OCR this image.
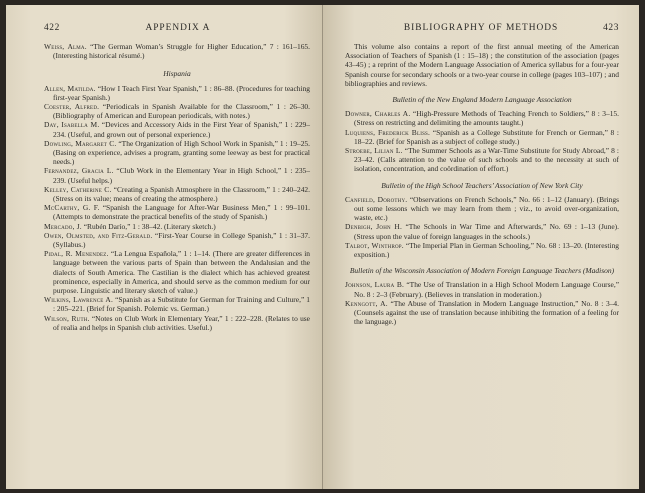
422	APPENDIX A

Weiss, Alma. “The German Woman’s Struggle for Higher Education,” 7 : 161–165. (Interesting historical résumé.)

Hispania

Allen, Matilda. “How I Teach First Year Spanish,” 1 : 86–88. (Procedures for teaching first-year Spanish.)

Coester, Alfred. “Periodicals in Spanish Available for the Classroom,” 1 : 26–30. (Bibliography of American and European periodicals, with notes.)

Day, Isabella M. “Devices and Accessory Aids in the First Year of Spanish,” 1 : 229–234. (Useful, and grown out of personal experience.)

Dowling, Margaret C. “The Organization of High School Work in Spanish,” 1 : 19–25. (Basing on experience, advises a program, granting some leeway as best for practical needs.)

Fernandez, Gracia L. “Club Work in the Elementary Year in High School,” 1 : 235–239. (Useful helps.)

Kelley, Catherine C. “Creating a Spanish Atmosphere in the Classroom,” 1 : 240–242. (Stress on its value; means of creating the atmosphere.)

McCarthy, G. F. “Spanish the Language for After-War Business Men,” 1 : 99–101. (Attempts to demonstrate the practical benefits of the study of Spanish.)

Mercado, J. “Rubén Darío,” 1 : 38–42. (Literary sketch.)

Owen, Olmsted, and Fitz-Gerald. “First-Year Course in College Spanish,” 1 : 31–37. (Syllabus.)

Pidal, R. Menendez. “La Lengua Española,” 1 : 1–14. (There are greater differences in language between the various parts of Spain than between the Andalusian and the dialects of South America. The Castilian is the dialect which has achieved greatest prominence, especially in America, and should serve as the common medium for our purpose. Linguistic and literary sketch of value.)

Wilkins, Lawrence A. “Spanish as a Substitute for German for Training and Culture,” 1 : 205–221. (Brief for Spanish. Polemic vs. German.)

Wilson, Ruth. “Notes on Club Work in Elementary Year,” 1 : 222–228. (Relates to use of realia and helps in Spanish club activities. Useful.)

BIBLIOGRAPHY OF METHODS	423

This volume also contains a report of the first annual meeting of the American Association of Teachers of Spanish (1 : 15–18) ; the constitution of the association (pages 43–45) ; a reprint of the Modern Language Association of America syllabus for a four-year Spanish course for secondary schools or a two-year course in college (pages 103–107) ; and bibliographies and reviews.

Bulletin of the New England Modern Language Association

Downer, Charles A. “High-Pressure Methods of Teaching French to Soldiers,” 8 : 3–15. (Stress on restricting and delimiting the amounts taught.)

Luquiens, Frederick Bliss. “Spanish as a College Substitute for French or German,” 8 : 18–22. (Brief for Spanish as a subject of college study.)

Stroebe, Lilian L. “The Summer Schools as a War-Time Substitute for Study Abroad,” 8 : 23–42. (Calls attention to the value of such schools and to the necessity at such of isolation, concentration, and coördination of effort.)

Bulletin of the High School Teachers’ Association of New York City

Canfield, Dorothy. “Observations on French Schools,” No. 66 : 1–12 (January). (Brings out some lessons which we may learn from them ; viz., to avoid over-organization, waste, etc.)

Denbigh, John H. “The Schools in War Time and Afterwards,” No. 69 : 1–13 (June). (Stress upon the value of foreign languages in the schools.)

Talbot, Winthrop. “The Imperial Plan in German Schooling,” No. 68 : 13–20. (Interesting exposition.)

Bulletin of the Wisconsin Association of Modern Foreign Language Teachers (Madison)

Johnson, Laura B. “The Use of Translation in a High School Modern Language Course,” No. 8 : 2–3 (February). (Believes in translation in moderation.)

Kenngott, A. “The Abuse of Translation in Modern Language Instruction,” No. 8 : 3–4. (Counsels against the use of translation because inhibiting the formation of a feeling for the language.)
